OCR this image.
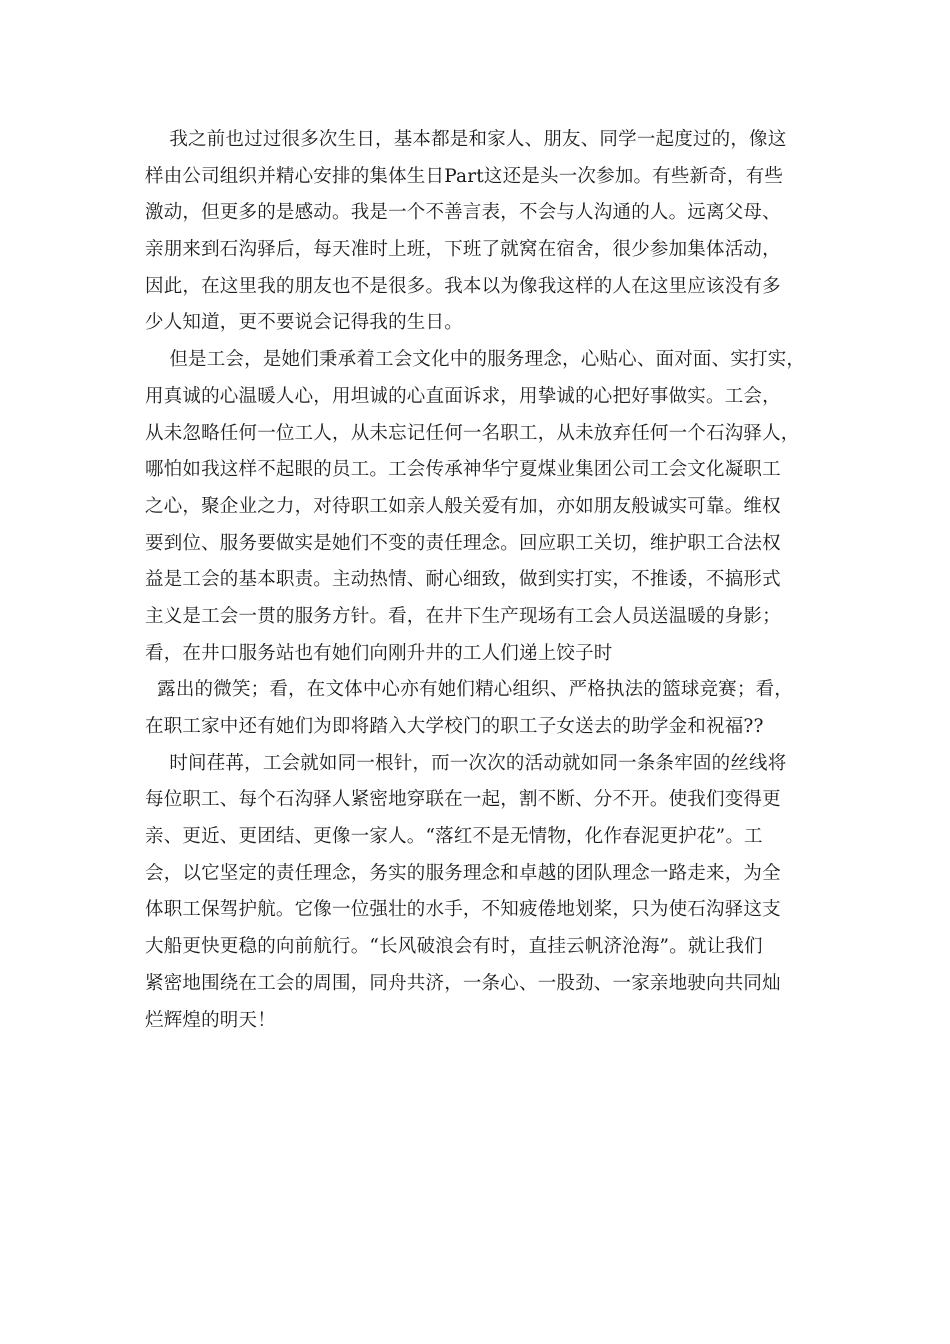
我之前也过过很多次生日，基本都是和家人、朋友、同学一起度过的，像这
样由公司组织并精心安排的集体生日Part这还是头一次参加。有些新奇，有些
激动，但更多的是感动。我是一个不善言表，不会与人沟通的人。远离父母、
亲朋来到石沟驿后，每天准时上班，下班了就窝在宿舍，很少参加集体活动，
因此，在这里我的朋友也不是很多。我本以为像我这样的人在这里应该没有多
少人知道，更不要说会记得我的生日。
但是工会，是她们秉承着工会文化中的服务理念，心贴心、面对面、实打实，
用真诚的心温暖人心，用坦诚的心直面诉求，用挚诚的心把好事做实。工会，
从未忽略任何一位工人，从未忘记任何一名职工，从未放弃任何一个石沟驿人，
哪怕如我这样不起眼的员工。工会传承神华宁夏煤业集团公司工会文化凝职工
之心，聚企业之力，对待职工如亲人般关爱有加，亦如朋友般诚实可靠。维权
要到位、服务要做实是她们不变的责任理念。回应职工关切，维护职工合法权
益是工会的基本职责。主动热情、耐心细致，做到实打实，不推诿，不搞形式
主义是工会一贯的服务方针。看，在井下生产现场有工会人员送温暖的身影；
看，在井口服务站也有她们向刚升井的工人们递上饺子时
露出的微笑；看，在文体中心亦有她们精心组织、严格执法的篮球竞赛；看，
在职工家中还有她们为即将踏入大学校门的职工子女送去的助学金和祝福??
时间荏苒，工会就如同一根针，而一次次的活动就如同一条条牢固的丝线将
每位职工、每个石沟驿人紧密地穿联在一起，割不断、分不开。使我们变得更
亲、更近、更团结、更像一家人。“落红不是无情物，化作春泥更护花”。工
会，以它坚定的责任理念，务实的服务理念和卓越的团队理念一路走来，为全
体职工保驾护航。它像一位强壮的水手，不知疲倦地划桨，只为使石沟驿这支
大船更快更稳的向前航行。“长风破浪会有时，直挂云帆济沧海”。就让我们
紧密地围绕在工会的周围，同舟共济，一条心、一股劲、一家亲地驶向共同灿
烂辉煌的明天！
